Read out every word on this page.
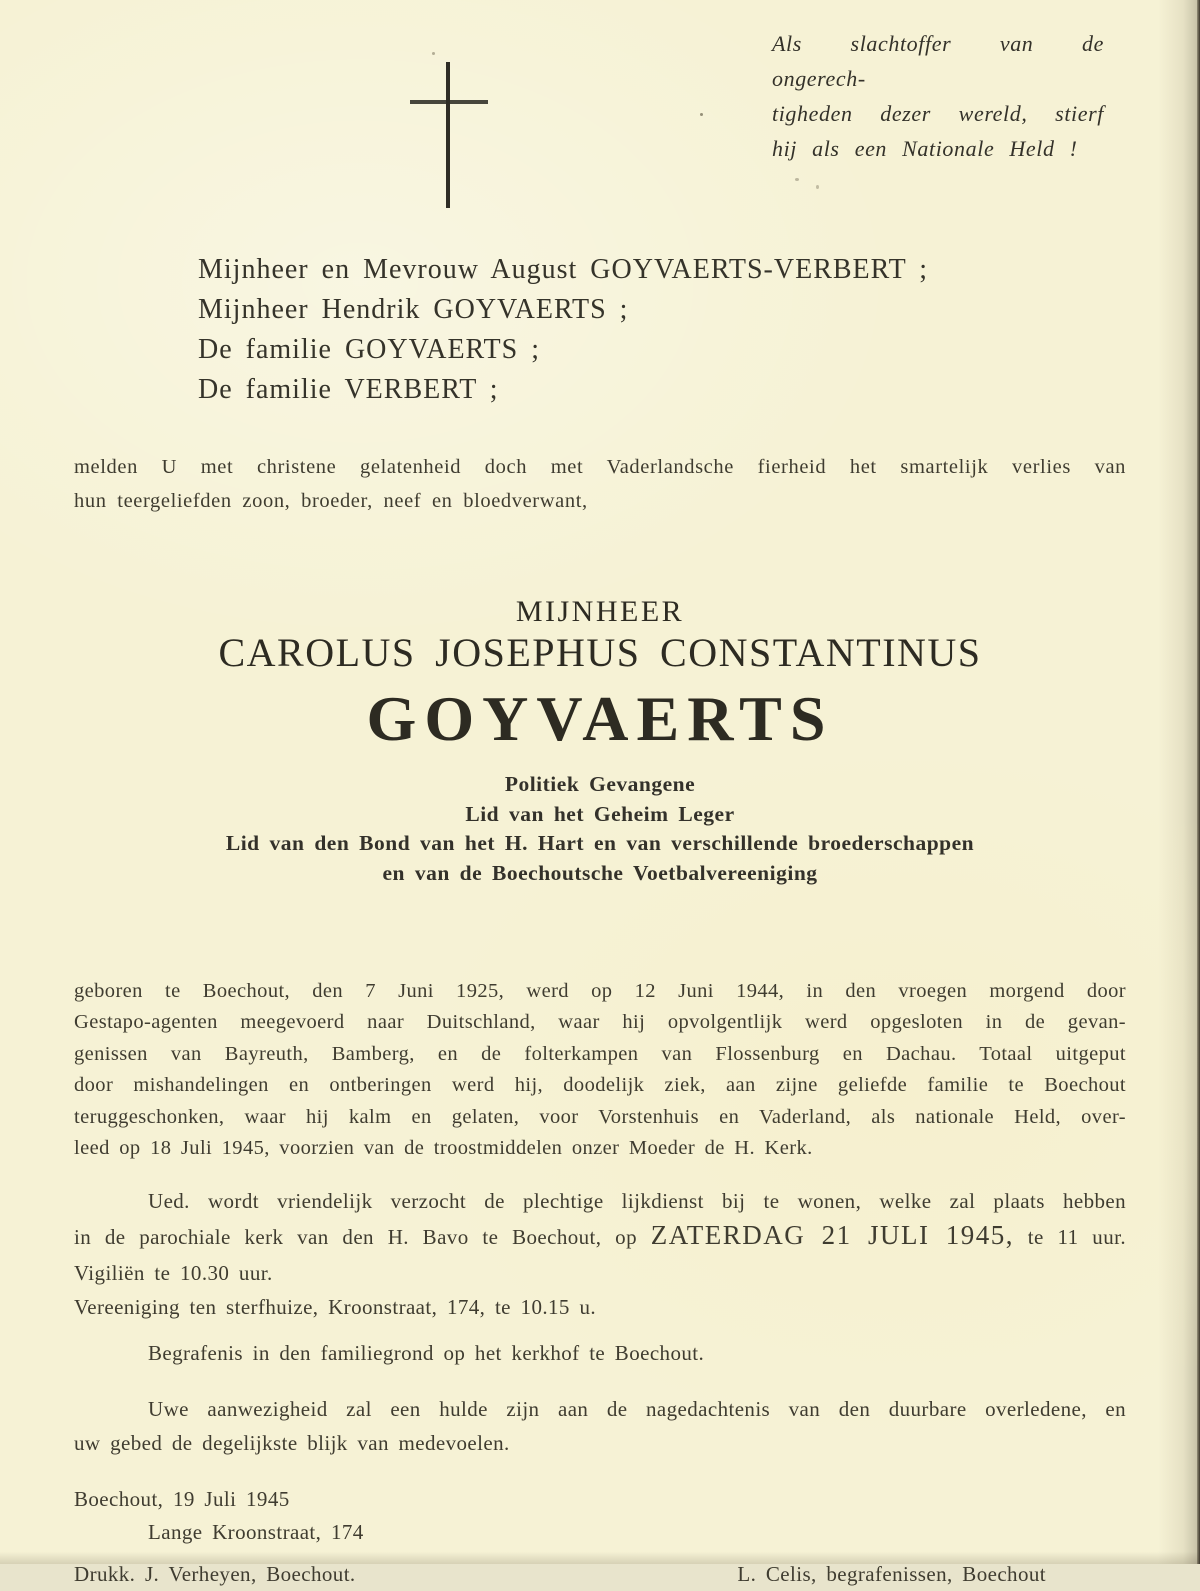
Als slachtoffer van de ongerech-
tigheden dezer wereld, stierf
hij als een Nationale Held !
Mijnheer en Mevrouw August GOYVAERTS-VERBERT ;
Mijnheer Hendrik GOYVAERTS ;
De familie GOYVAERTS ;
De familie VERBERT ;
melden U met christene gelatenheid doch met Vaderlandsche fierheid het smartelijk verlies van
hun teergeliefden zoon, broeder, neef en bloedverwant,
MIJNHEER
CAROLUS JOSEPHUS CONSTANTINUS
GOYVAERTS
Politiek Gevangene
Lid van het Geheim Leger
Lid van den Bond van het H. Hart en van verschillende broederschappen
en van de Boechoutsche Voetbalvereeniging
geboren te Boechout, den 7 Juni 1925, werd op 12 Juni 1944, in den vroegen morgend door
Gestapo-agenten meegevoerd naar Duitschland, waar hij opvolgentlijk werd opgesloten in de gevan-
genissen van Bayreuth, Bamberg, en de folterkampen van Flossenburg en Dachau. Totaal uitgeput
door mishandelingen en ontberingen werd hij, doodelijk ziek, aan zijne geliefde familie te Boechout
teruggeschonken, waar hij kalm en gelaten, voor Vorstenhuis en Vaderland, als nationale Held, over-
leed op 18 Juli 1945, voorzien van de troostmiddelen onzer Moeder de H. Kerk.
Ued. wordt vriendelijk verzocht de plechtige lijkdienst bij te wonen, welke zal plaats hebben
in de parochiale kerk van den H. Bavo te Boechout, op ZATERDAG 21 JULI 1945, te 11 uur.
Vigiliën te 10.30 uur.
Vereeniging ten sterfhuize, Kroonstraat, 174, te 10.15 u.
Begrafenis in den familiegrond op het kerkhof te Boechout.
Uwe aanwezigheid zal een hulde zijn aan de nagedachtenis van den duurbare overledene, en
uw gebed de degelijkste blijk van medevoelen.
Boechout, 19 Juli 1945
Lange Kroonstraat, 174
Drukk. J. Verheyen, Boechout.	L. Celis, begrafenissen, Boechout
